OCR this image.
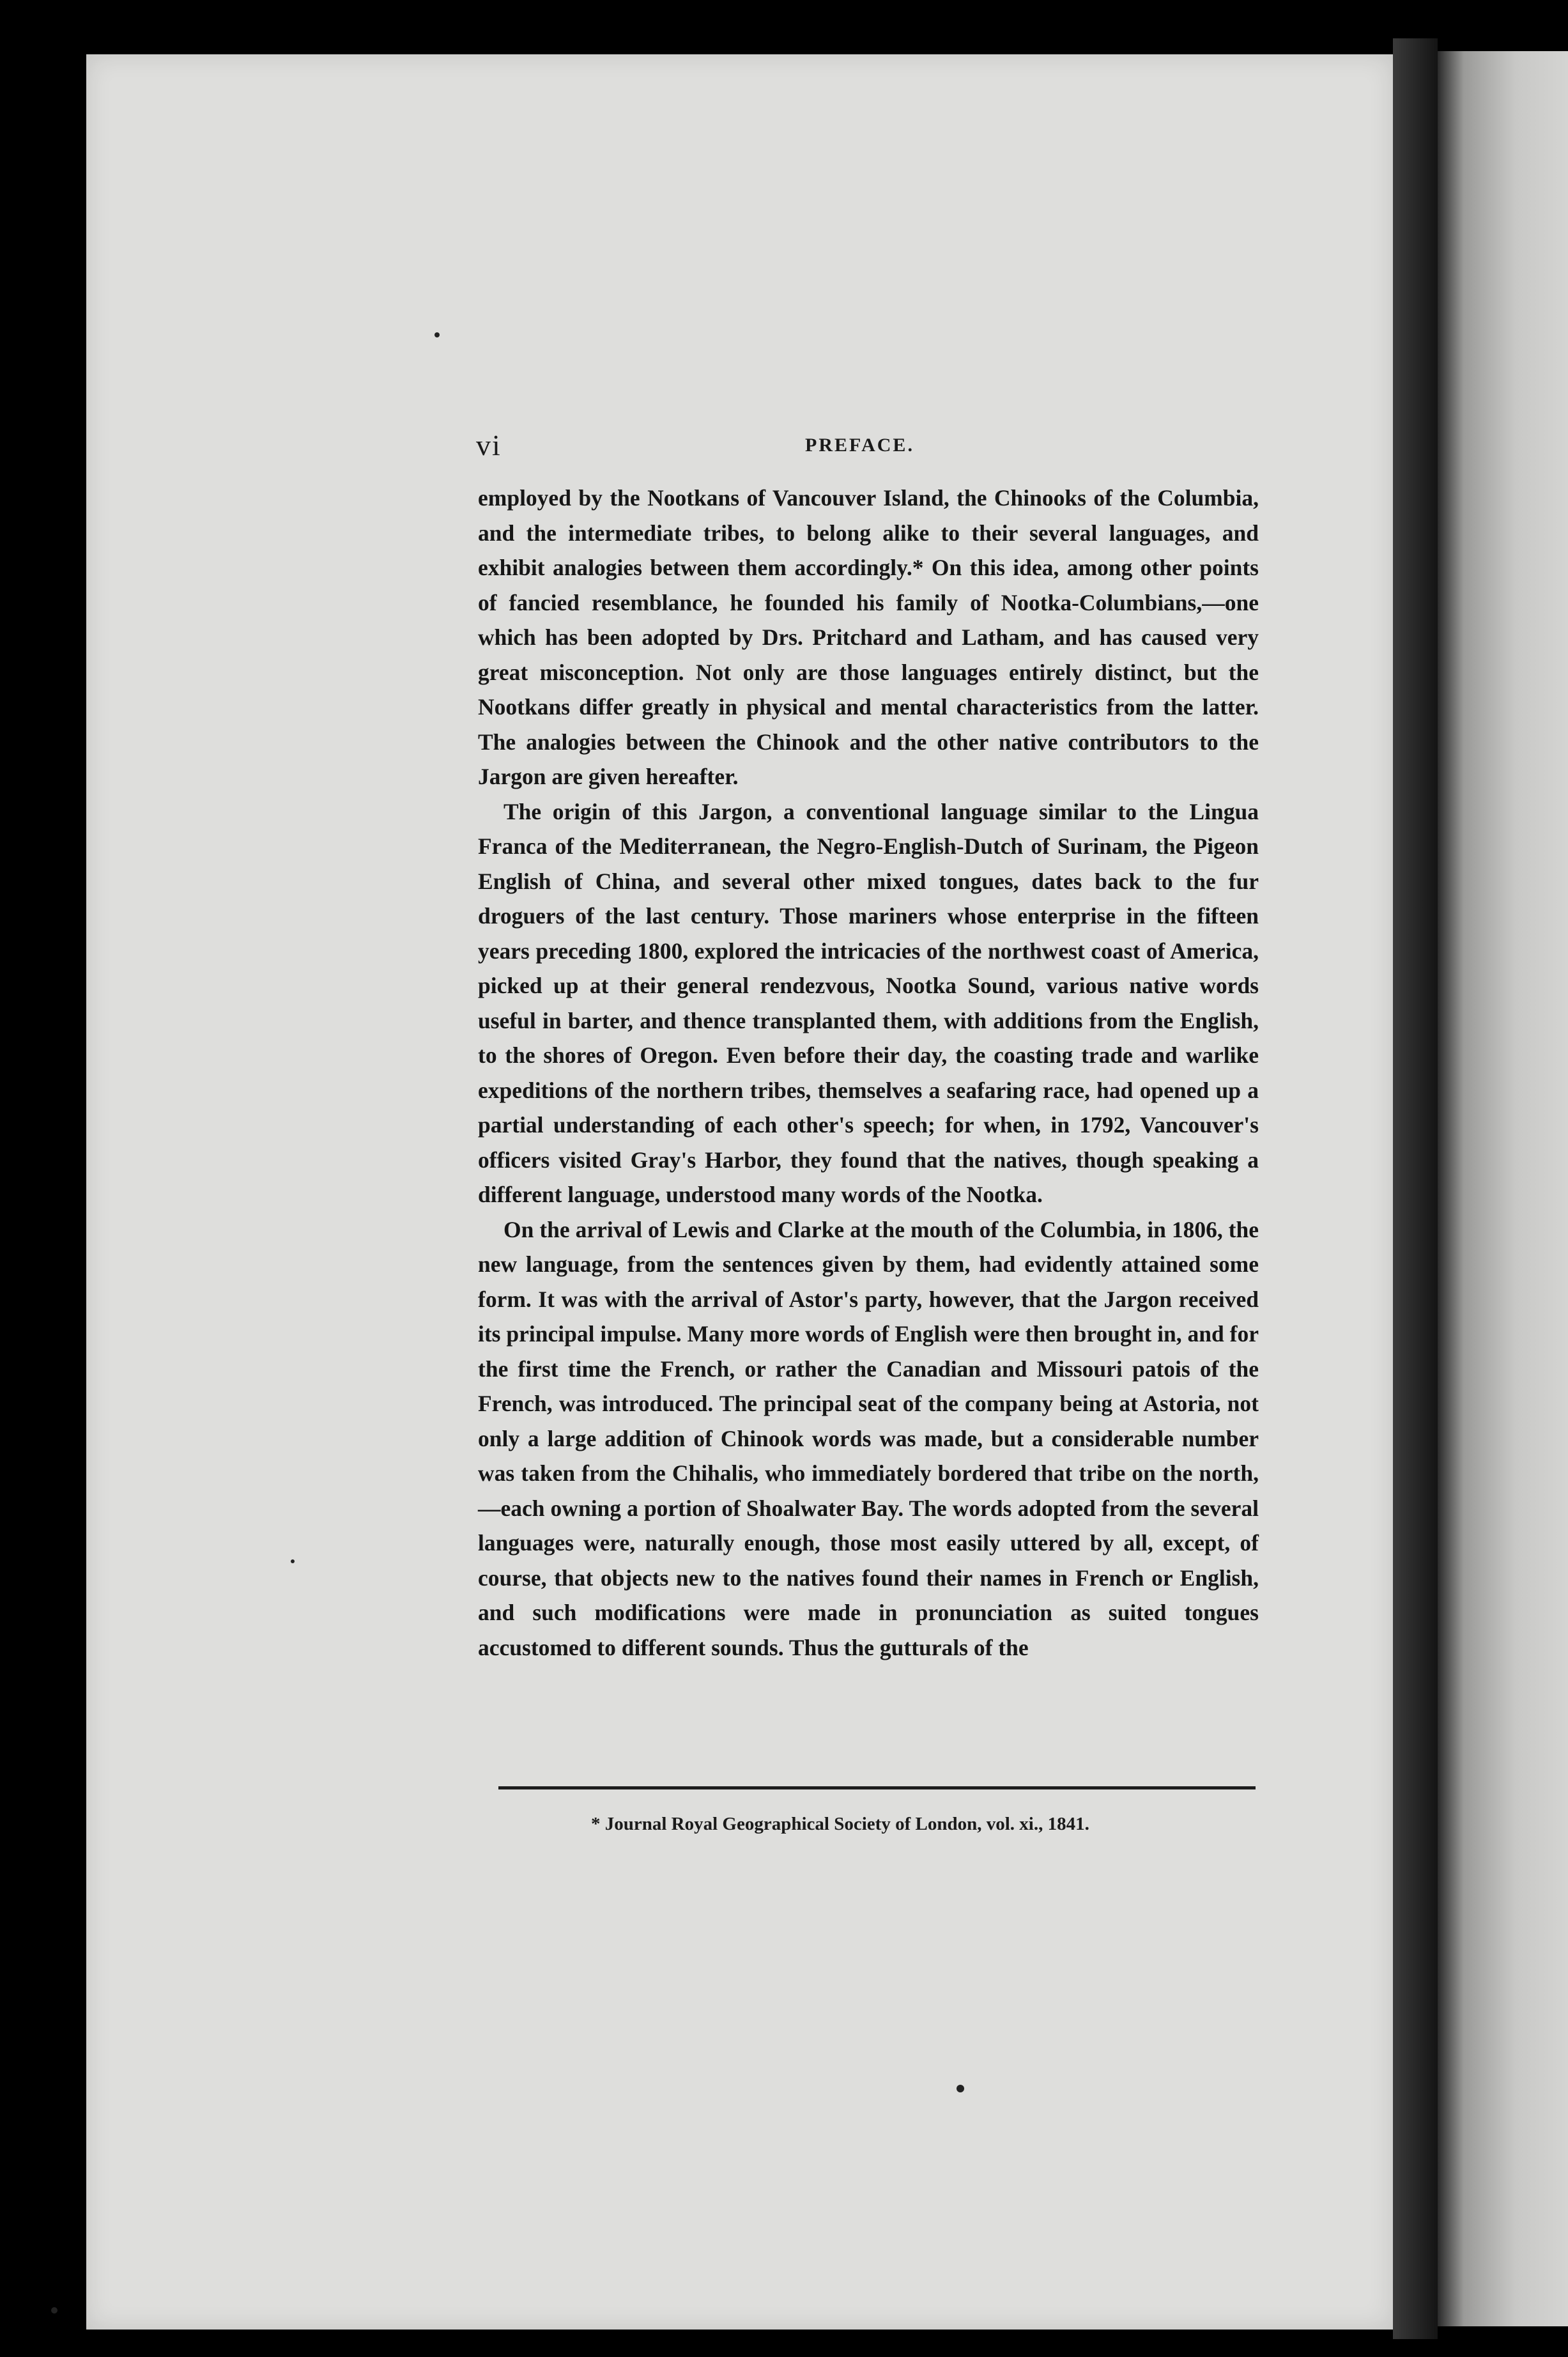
vi	PREFACE.

employed by the Nootkans of Vancouver Island, the Chinooks of the Columbia, and the intermediate tribes, to belong alike to their several languages, and exhibit analogies between them accordingly.* On this idea, among other points of fancied resemblance, he founded his family of Nootka-Columbians,—one which has been adopted by Drs. Pritchard and Latham, and has caused very great misconception. Not only are those languages entirely distinct, but the Nootkans differ greatly in physical and mental characteristics from the latter. The analogies between the Chinook and the other native contributors to the Jargon are given hereafter.

The origin of this Jargon, a conventional language similar to the Lingua Franca of the Mediterranean, the Negro-English-Dutch of Surinam, the Pigeon English of China, and several other mixed tongues, dates back to the fur droguers of the last century. Those mariners whose enterprise in the fifteen years preceding 1800, explored the intricacies of the northwest coast of America, picked up at their general rendezvous, Nootka Sound, various native words useful in barter, and thence transplanted them, with additions from the English, to the shores of Oregon. Even before their day, the coasting trade and warlike expeditions of the northern tribes, themselves a seafaring race, had opened up a partial understanding of each other's speech; for when, in 1792, Vancouver's officers visited Gray's Harbor, they found that the natives, though speaking a different language, understood many words of the Nootka.

On the arrival of Lewis and Clarke at the mouth of the Columbia, in 1806, the new language, from the sentences given by them, had evidently attained some form. It was with the arrival of Astor's party, however, that the Jargon received its principal impulse. Many more words of English were then brought in, and for the first time the French, or rather the Canadian and Missouri patois of the French, was introduced. The principal seat of the company being at Astoria, not only a large addition of Chinook words was made, but a considerable number was taken from the Chihalis, who immediately bordered that tribe on the north,—each owning a portion of Shoalwater Bay. The words adopted from the several languages were, naturally enough, those most easily uttered by all, except, of course, that objects new to the natives found their names in French or English, and such modifications were made in pronunciation as suited tongues accustomed to different sounds. Thus the gutturals of the

* Journal Royal Geographical Society of London, vol. xi., 1841.
